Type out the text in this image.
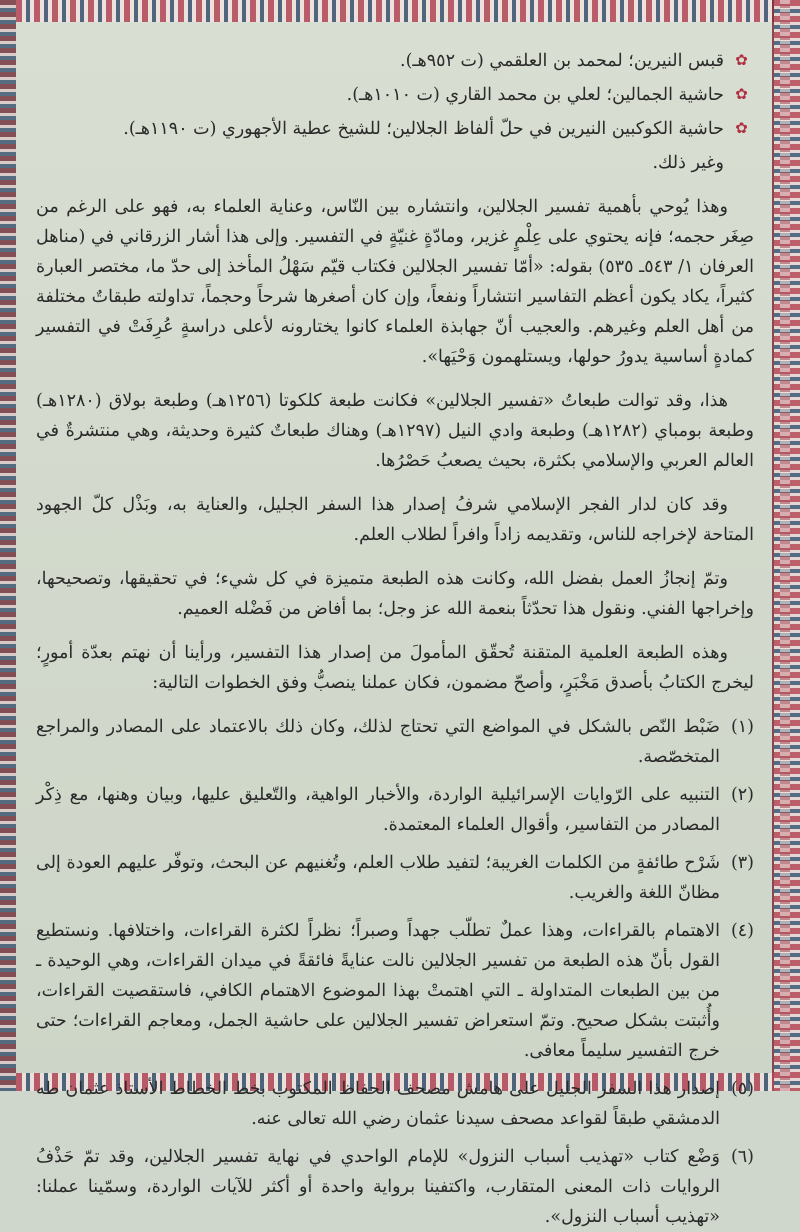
✿
قبس النيرين؛ لمحمد بن العلقمي (ت ٩٥٢هـ).
✿
حاشية الجمالين؛ لعلي بن محمد القاري (ت ١٠١٠هـ).
✿
حاشية الكوكبين النيرين في حلّ ألفاظ الجلالين؛ للشيخ عطية الأجهوري (ت ١١٩٠هـ).
وغير ذلك.

وهذا يُوحي بأهمية تفسير الجلالين، وانتشاره بين النّاس، وعناية العلماء به، فهو على الرغم من صِغَر حجمه؛ فإنه يحتوي على عِلْمٍ غزير، ومادّةٍ غنيّةٍ في التفسير. وإلى هذا أشار الزرقاني في (مناهل العرفان ١/ ٥٤٣ـ ٥٣٥) بقوله: «أمّا تفسير الجلالين فكتاب قيّم سَهْلُ المأخذ إلى حدّ ما، مختصر العبارة كثيراً، يكاد يكون أعظم التفاسير انتشاراً ونفعاً، وإن كان أصغرها شرحاً وحجماً، تداولته طبقاتٌ مختلفة من أهل العلم وغيرهم. والعجيب أنّ جهابذة العلماء كانوا يختارونه لأعلى دراسةٍ عُرِفَتْ في التفسير كمادةٍ أساسية يدورُ حولها، ويستلهمون وَحْيَها».

هذا، وقد توالت طبعاتُ «تفسير الجلالين» فكانت طبعة كلكوتا (١٢٥٦هـ) وطبعة بولاق (١٢٨٠هـ) وطبعة بومباي (١٢٨٢هـ) وطبعة وادي النيل (١٢٩٧هـ) وهناك طبعاتٌ كثيرة وحديثة، وهي منتشرةٌ في العالم العربي والإسلامي بكثرة، بحيث يصعبُ حَصْرُها.

وقد كان لدار الفجر الإسلامي شرفُ إصدار هذا السفر الجليل، والعناية به، وبَذْل كلّ الجهود المتاحة لإخراجه للناس، وتقديمه زاداً وافراً لطلاب العلم.

وتمّ إنجازُ العمل بفضل الله، وكانت هذه الطبعة متميزة في كل شيء؛ في تحقيقها، وتصحيحها، وإخراجها الفني. ونقول هذا تحدّثاً بنعمة الله عز وجل؛ بما أفاض من فَضْله العميم.

وهذه الطبعة العلمية المتقنة تُحقّق المأمولَ من إصدار هذا التفسير، ورأينا أن نهتم بعدّة أمورٍ؛ ليخرج الكتابُ بأصدق مَخْبَرٍ، وأصحّ مضمون، فكان عملنا ينصبُّ وفق الخطوات التالية:

(١)
ضَبْط النّص بالشكل في المواضع التي تحتاج لذلك، وكان ذلك بالاعتماد على المصادر والمراجع المتخصّصة.
(٢)
التنبيه على الرّوايات الإسرائيلية الواردة، والأخبار الواهية، والتّعليق عليها، وبيان وهنها، مع ذِكْر المصادر من التفاسير، وأقوال العلماء المعتمدة.
(٣)
شَرْح طائفةٍ من الكلمات الغريبة؛ لتفيد طلاب العلم، وتُغنيهم عن البحث، وتوفّر عليهم العودة إلى مظانّ اللغة والغريب.
(٤)
الاهتمام بالقراءات، وهذا عملٌ تطلّب جهداً وصبراً؛ نظراً لكثرة القراءات، واختلافها. ونستطيع القول بأنّ هذه الطبعة من تفسير الجلالين نالت عنايةً فائقةً في ميدان القراءات، وهي الوحيدة ـ من بين الطبعات المتداولة ـ التي اهتمتْ بهذا الموضوع الاهتمام الكافي، فاستقصيت القراءات، وأُثبتت بشكل صحيح. وتمّ استعراض تفسير الجلالين على حاشية الجمل، ومعاجم القراءات؛ حتى خرج التفسير سليماً معافى.
(٥)
إصدار هذا السفر الجليل على هامش مصحف الحفاظ المكتوب بخط الخطاط الأستاذ عثمان طه الدمشقي طبقاً لقواعد مصحف سيدنا عثمان رضي الله تعالى عنه.
(٦)
وَضْع كتاب «تهذيب أسباب النزول» للإمام الواحدي في نهاية تفسير الجلالين، وقد تمّ حَذْفُ الروايات ذات المعنى المتقارب، واكتفينا برواية واحدة أو أكثر للآيات الواردة، وسمّينا عملنا: «تهذيب أسباب النزول».
